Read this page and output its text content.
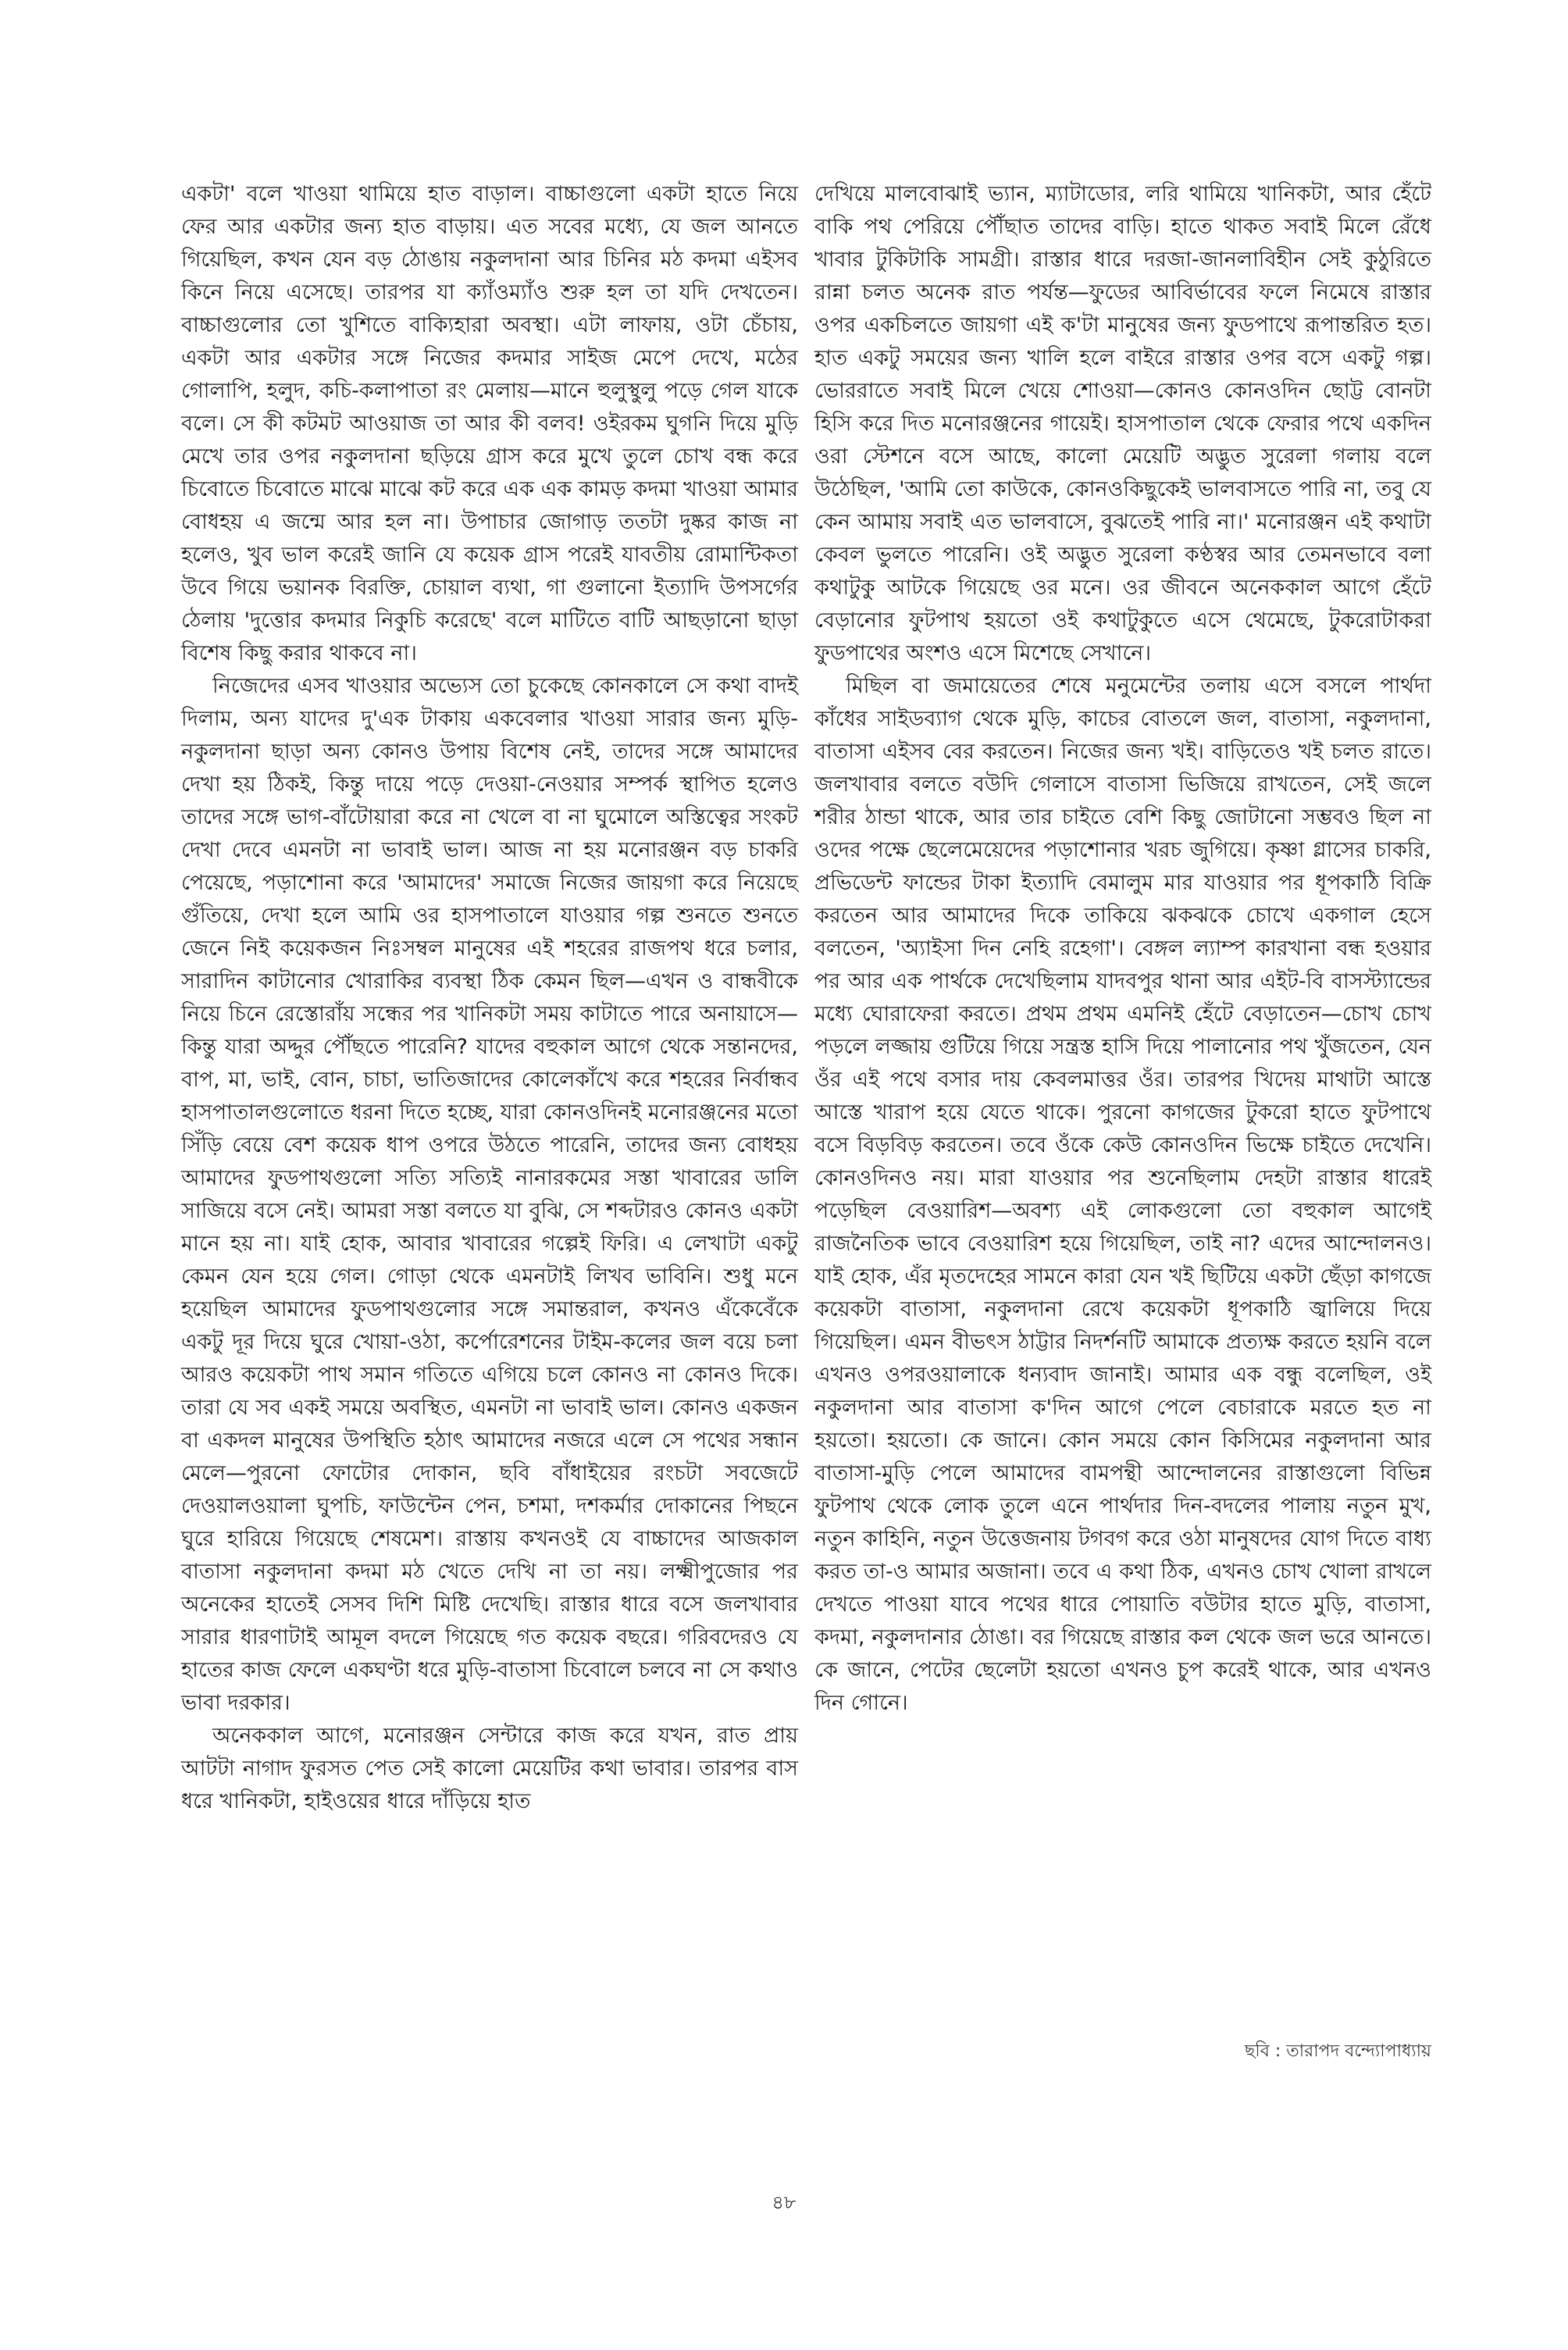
একটা' বলে খাওয়া থামিয়ে হাত বাড়াল। বাচ্চাগুলো একটা হাতে নিয়ে ফের আর একটার জন্য হাত বাড়ায়। এত সবের মধ্যে, যে জল আনতে গিয়েছিল, কখন যেন বড় ঠোঙায় নকুলদানা আর চিনির মঠ কদমা এইসব কিনে নিয়ে এসেছে। তারপর যা ক্যাঁওম্যাঁও শুরু হল তা যদি দেখতেন। বাচ্চাগুলোর তো খুশিতে বাক্যিহারা অবস্থা। এটা লাফায়, ওটা চেঁচায়, একটা আর একটার সঙ্গে নিজের কদমার সাইজ মেপে দেখে, মঠের গোলাপি, হলুদ, কচি-কলাপাতা রং মেলায়—মানে হুলুস্থুলু পড়ে গেল যাকে বলে। সে কী কটমট আওয়াজ তা আর কী বলব! ওইরকম ঘুগনি দিয়ে মুড়ি মেখে তার ওপর নকুলদানা ছড়িয়ে গ্রাস করে মুখে তুলে চোখ বন্ধ করে চিবোতে চিবোতে মাঝে মাঝে কট করে এক এক কামড় কদমা খাওয়া আমার বোধহয় এ জন্মে আর হল না। উপাচার জোগাড় ততটা দুষ্কর কাজ না হলেও, খুব ভাল করেই জানি যে কয়েক গ্রাস পরেই যাবতীয় রোমান্টিকতা উবে গিয়ে ভয়ানক বিরক্তি, চোয়াল ব্যথা, গা গুলানো ইত্যাদি উপসর্গের ঠেলায় 'দুত্তোর কদমার নিকুচি করেছে' বলে মাটিতে বাটি আছড়ানো ছাড়া বিশেষ কিছু করার থাকবে না।

নিজেদের এসব খাওয়ার অভ্যেস তো চুকেছে কোনকালে সে কথা বাদই দিলাম, অন্য যাদের দু'এক টাকায় একবেলার খাওয়া সারার জন্য মুড়ি-নকুলদানা ছাড়া অন্য কোনও উপায় বিশেষ নেই, তাদের সঙ্গে আমাদের দেখা হয় ঠিকই, কিন্তু দায়ে পড়ে দেওয়া-নেওয়ার সম্পর্ক স্থাপিত হলেও তাদের সঙ্গে ভাগ-বাঁটোয়ারা করে না খেলে বা না ঘুমোলে অস্তিত্বের সংকট দেখা দেবে এমনটা না ভাবাই ভাল। আজ না হয় মনোরঞ্জন বড় চাকরি পেয়েছে, পড়াশোনা করে 'আমাদের' সমাজে নিজের জায়গা করে নিয়েছে গুঁতিয়ে, দেখা হলে আমি ওর হাসপাতালে যাওয়ার গল্প শুনতে শুনতে জেনে নিই কয়েকজন নিঃসম্বল মানুষের এই শহরের রাজপথ ধরে চলার, সারাদিন কাটানোর খোরাকির ব্যবস্থা ঠিক কেমন ছিল—এখন ও বান্ধবীকে নিয়ে চিনে রেস্তোরাঁয় সন্ধের পর খানিকটা সময় কাটাতে পারে অনায়াসে—কিন্তু যারা অদ্দুর পৌঁছতে পারেনি? যাদের বহুকাল আগে থেকে সন্তানদের, বাপ, মা, ভাই, বোন, চাচা, ভাতিজাদের কোলেকাঁখে করে শহরের নির্বান্ধব হাসপাতালগুলোতে ধরনা দিতে হচ্ছে, যারা কোনওদিনই মনোরঞ্জনের মতো সিঁড়ি বেয়ে বেশ কয়েক ধাপ ওপরে উঠতে পারেনি, তাদের জন্য বোধহয় আমাদের ফুডপাথগুলো সত্যি সত্যিই নানারকমের সস্তা খাবারের ডালি সাজিয়ে বসে নেই। আমরা সস্তা বলতে যা বুঝি, সে শব্দটারও কোনও একটা মানে হয় না। যাই হোক, আবার খাবারের গল্পেই ফিরি। এ লেখাটা একটু কেমন যেন হয়ে গেল। গোড়া থেকে এমনটাই লিখব ভাবিনি। শুধু মনে হয়েছিল আমাদের ফুডপাথগুলোর সঙ্গে সমান্তরাল, কখনও এঁকেবেঁকে একটু দূর দিয়ে ঘুরে খোয়া-ওঠা, কর্পোরেশনের টাইম-কলের জল বয়ে চলা আরও কয়েকটা পাথ সমান গতিতে এগিয়ে চলে কোনও না কোনও দিকে। তারা যে সব একই সময়ে অবস্থিত, এমনটা না ভাবাই ভাল। কোনও একজন বা একদল মানুষের উপস্থিতি হঠাৎ আমাদের নজরে এলে সে পথের সন্ধান মেলে—পুরনো ফোটোর দোকান, ছবি বাঁধাইয়ের রংচটা সবজেটে দেওয়ালওয়ালা ঘুপচি, ফাউন্টেন পেন, চশমা, দশকর্মার দোকানের পিছনে ঘুরে হারিয়ে গিয়েছে শেষমেশ। রাস্তায় কখনওই যে বাচ্চাদের আজকাল বাতাসা নকুলদানা কদমা মঠ খেতে দেখি না তা নয়। লক্ষ্মীপুজোর পর অনেকের হাতেই সেসব দিশি মিষ্টি দেখেছি। রাস্তার ধারে বসে জলখাবার সারার ধারণাটাই আমূল বদলে গিয়েছে গত কয়েক বছরে। গরিবদেরও যে হাতের কাজ ফেলে একঘণ্টা ধরে মুড়ি-বাতাসা চিবোলে চলবে না সে কথাও ভাবা দরকার।

অনেককাল আগে, মনোরঞ্জন সেন্টারে কাজ করে যখন, রাত প্রায় আটটা নাগাদ ফুরসত পেত সেই কালো মেয়েটির কথা ভাবার। তারপর বাস ধরে খানিকটা, হাইওয়ের ধারে দাঁড়িয়ে হাত

দেখিয়ে মালবোঝাই ভ্যান, ম্যাটাডোর, লরি থামিয়ে খানিকটা, আর হেঁটে বাকি পথ পেরিয়ে পৌঁছাত তাদের বাড়ি। হাতে থাকত সবাই মিলে রেঁধে খাবার টুকিটাকি সামগ্রী। রাস্তার ধারে দরজা-জানলাবিহীন সেই কুঠুরিতে রান্না চলত অনেক রাত পর্যন্ত—ফুডের আবির্ভাবের ফলে নিমেষে রাস্তার ওপর একচিলতে জায়গা এই ক'টা মানুষের জন্য ফুডপাথে রূপান্তরিত হত। হাত একটু সময়ের জন্য খালি হলে বাইরে রাস্তার ওপর বসে একটু গল্প। ভোররাতে সবাই মিলে খেয়ে শোওয়া—কোনও কোনওদিন ছোট্ট বোনটা হিসি করে দিত মনোরঞ্জনের গায়েই। হাসপাতাল থেকে ফেরার পথে একদিন ওরা স্টেশনে বসে আছে, কালো মেয়েটি অদ্ভুত সুরেলা গলায় বলে উঠেছিল, 'আমি তো কাউকে, কোনওকিছুকেই ভালবাসতে পারি না, তবু যে কেন আমায় সবাই এত ভালবাসে, বুঝতেই পারি না।' মনোরঞ্জন এই কথাটা কেবল ভুলতে পারেনি। ওই অদ্ভুত সুরেলা কণ্ঠস্বর আর তেমনভাবে বলা কথাটুকু আটকে গিয়েছে ওর মনে। ওর জীবনে অনেককাল আগে হেঁটে বেড়ানোর ফুটপাথ হয়তো ওই কথাটুকুতে এসে থেমেছে, টুকরোটাকরা ফুডপাথের অংশও এসে মিশেছে সেখানে।

মিছিল বা জমায়েতের শেষে মনুমেন্টের তলায় এসে বসলে পার্থদা কাঁধের সাইডব্যাগ থেকে মুড়ি, কাচের বোতলে জল, বাতাসা, নকুলদানা, বাতাসা এইসব বের করতেন। নিজের জন্য খই। বাড়িতেও খই চলত রাতে। জলখাবার বলতে বউদি গেলাসে বাতাসা ভিজিয়ে রাখতেন, সেই জলে শরীর ঠান্ডা থাকে, আর তার চাইতে বেশি কিছু জোটানো সম্ভবও ছিল না ওদের পক্ষে ছেলেমেয়েদের পড়াশোনার খরচ জুগিয়ে। কৃষ্ণা গ্লাসের চাকরি, প্রভিডেন্ট ফান্ডের টাকা ইত্যাদি বেমালুম মার যাওয়ার পর ধূপকাঠি বিক্রি করতেন আর আমাদের দিকে তাকিয়ে ঝকঝকে চোখে একগাল হেসে বলতেন, 'অ্যাইসা দিন নেহি রহেগা'। বেঙ্গল ল্যাম্প কারখানা বন্ধ হওয়ার পর আর এক পার্থকে দেখেছিলাম যাদবপুর থানা আর এইট-বি বাসস্ট্যান্ডের মধ্যে ঘোরাফেরা করতে। প্রথম প্রথম এমনিই হেঁটে বেড়াতেন—চোখ চোখ পড়লে লজ্জায় গুটিয়ে গিয়ে সন্ত্রস্ত হাসি দিয়ে পালানোর পথ খুঁজতেন, যেন ওঁর এই পথে বসার দায় কেবলমাত্তর ওঁর। তারপর খিদেয় মাথাটা আস্তে আস্তে খারাপ হয়ে যেতে থাকে। পুরনো কাগজের টুকরো হাতে ফুটপাথে বসে বিড়বিড় করতেন। তবে ওঁকে কেউ কোনওদিন ভিক্ষে চাইতে দেখেনি। কোনওদিনও নয়। মারা যাওয়ার পর শুনেছিলাম দেহটা রাস্তার ধারেই পড়েছিল বেওয়ারিশ—অবশ্য এই লোকগুলো তো বহুকাল আগেই রাজনৈতিক ভাবে বেওয়ারিশ হয়ে গিয়েছিল, তাই না? এদের আন্দোলনও। যাই হোক, এঁর মৃতদেহের সামনে কারা যেন খই ছিটিয়ে একটা ছেঁড়া কাগজে কয়েকটা বাতাসা, নকুলদানা রেখে কয়েকটা ধূপকাঠি জ্বালিয়ে দিয়ে গিয়েছিল। এমন বীভৎস ঠাট্টার নিদর্শনটি আমাকে প্রত্যক্ষ করতে হয়নি বলে এখনও ওপরওয়ালাকে ধন্যবাদ জানাই। আমার এক বন্ধু বলেছিল, ওই নকুলদানা আর বাতাসা ক'দিন আগে পেলে বেচারাকে মরতে হত না হয়তো। হয়তো। কে জানে। কোন সময়ে কোন কিসিমের নকুলদানা আর বাতাসা-মুড়ি পেলে আমাদের বামপন্থী আন্দোলনের রাস্তাগুলো বিভিন্ন ফুটপাথ থেকে লোক তুলে এনে পার্থদার দিন-বদলের পালায় নতুন মুখ, নতুন কাহিনি, নতুন উত্তেজনায় টগবগ করে ওঠা মানুষদের যোগ দিতে বাধ্য করত তা-ও আমার অজানা। তবে এ কথা ঠিক, এখনও চোখ খোলা রাখলে দেখতে পাওয়া যাবে পথের ধারে পোয়াতি বউটার হাতে মুড়ি, বাতাসা, কদমা, নকুলদানার ঠোঙা। বর গিয়েছে রাস্তার কল থেকে জল ভরে আনতে। কে জানে, পেটের ছেলেটা হয়তো এখনও চুপ করেই থাকে, আর এখনও দিন গোনে।

ছবি : তারাপদ বন্দ্যোপাধ্যায়
৪৮
